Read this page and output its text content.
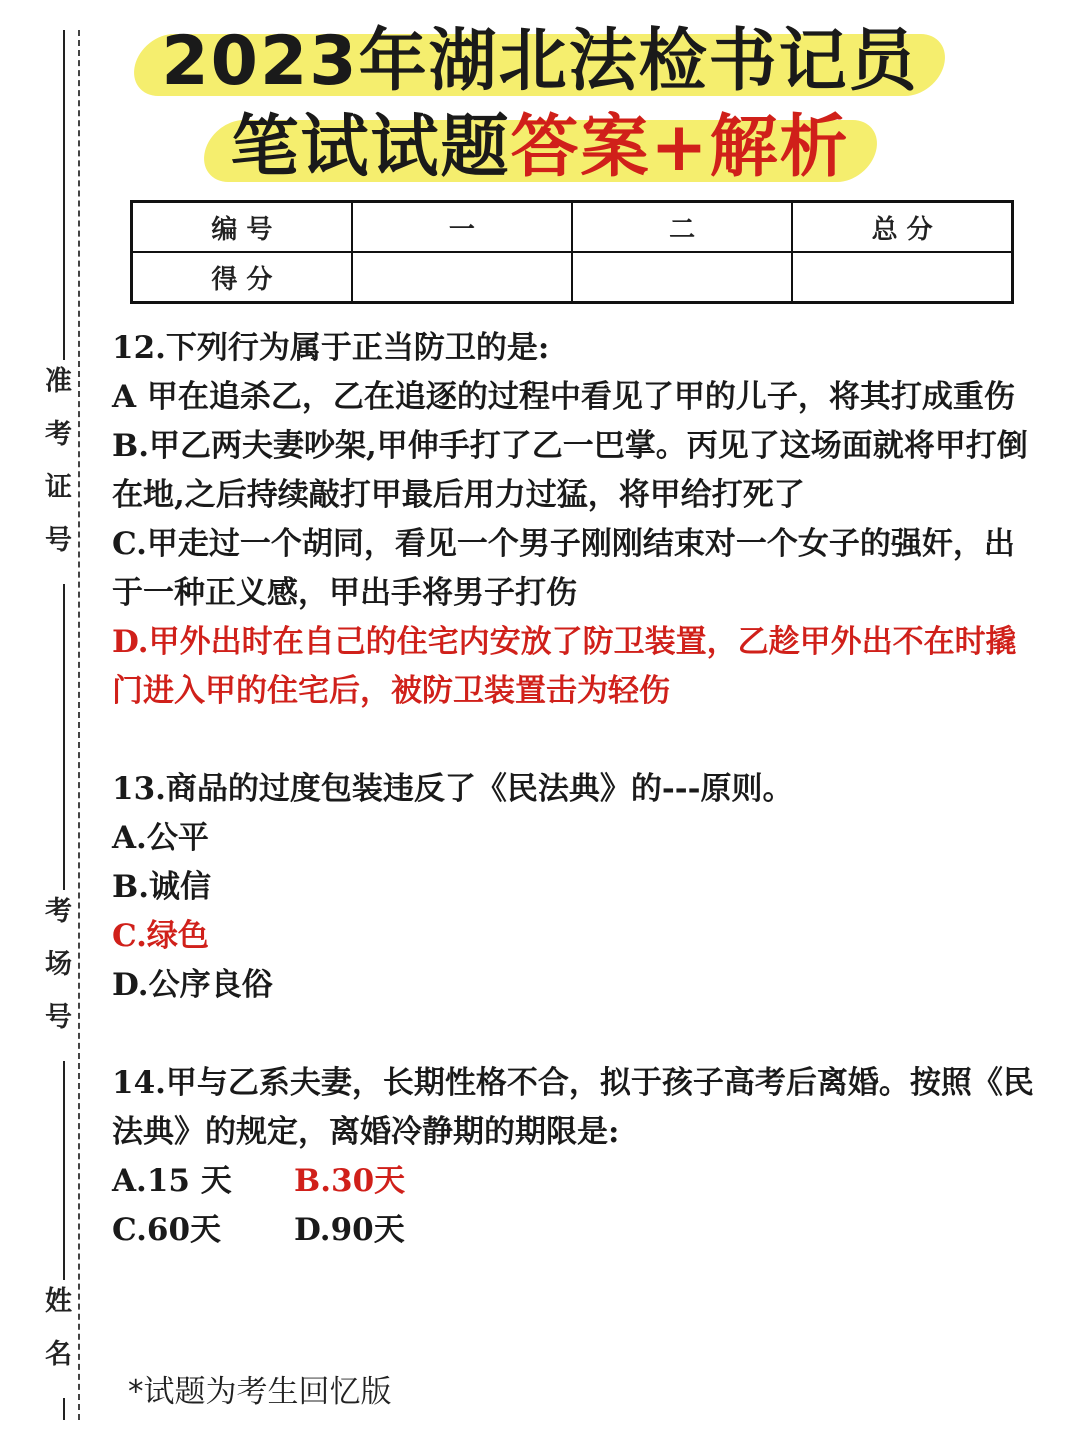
准考证号
考场号
姓名
2023年湖北法检书记员
笔试试题答案+解析
编 号	一	二	总 分
得 分			

12.下列行为属于正当防卫的是:

A 甲在追杀乙，乙在追逐的过程中看见了甲的儿子，将其打成重伤

B.甲乙两夫妻吵架,甲伸手打了乙一巴掌。丙见了这场面就将甲打倒在地,之后持续敲打甲最后用力过猛，将甲给打死了

C.甲走过一个胡同，看见一个男子刚刚结束对一个女子的强奸，出于一种正义感，甲出手将男子打伤

D.甲外出时在自己的住宅内安放了防卫装置，乙趁甲外出不在时撬门进入甲的住宅后，被防卫装置击为轻伤

13.商品的过度包装违反了《民法典》的---原则。

A.公平

B.诚信

C.绿色

D.公序良俗

14.甲与乙系夫妻，长期性格不合，拟于孩子高考后离婚。按照《民法典》的规定，离婚冷静期的期限是:

A.15 天	B.30天
C.60天	D.90天
*试题为考生回忆版
